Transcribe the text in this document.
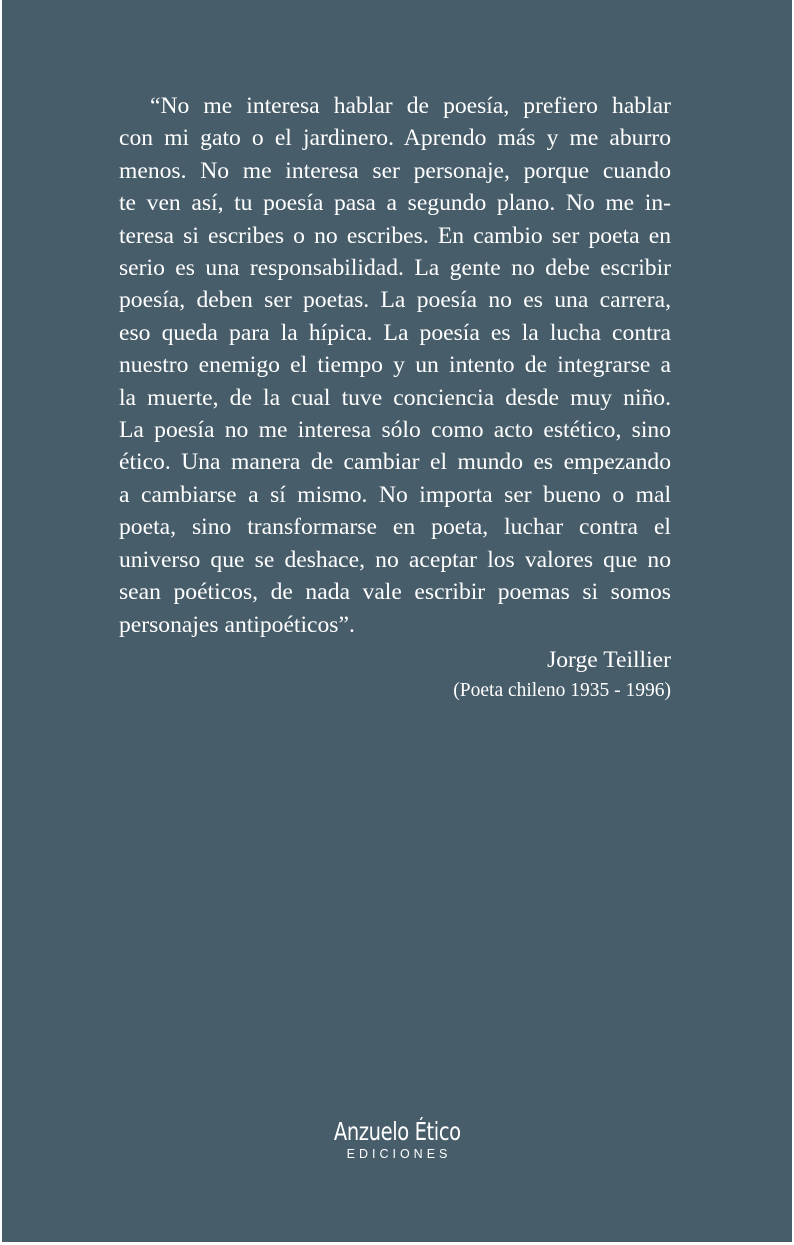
“No me interesa hablar de poesía, prefiero hablar
con mi gato o el jardinero. Aprendo más y me aburro
menos. No me interesa ser personaje, porque cuando
te ven así, tu poesía pasa a segundo plano. No me in-
teresa si escribes o no escribes. En cambio ser poeta en
serio es una responsabilidad. La gente no debe escribir
poesía, deben ser poetas. La poesía no es una carrera,
eso queda para la hípica. La poesía es la lucha contra
nuestro enemigo el tiempo y un intento de integrarse a
la muerte, de la cual tuve conciencia desde muy niño.
La poesía no me interesa sólo como acto estético, sino
ético. Una manera de cambiar el mundo es empezando
a cambiarse a sí mismo. No importa ser bueno o mal
poeta, sino transformarse en poeta, luchar contra el
universo que se deshace, no aceptar los valores que no
sean poéticos, de nada vale escribir poemas si somos
personajes antipoéticos”.

Jorge Teillier

(Poeta chileno 1935 - 1996)

Anzuelo Ético
EDICIONES
